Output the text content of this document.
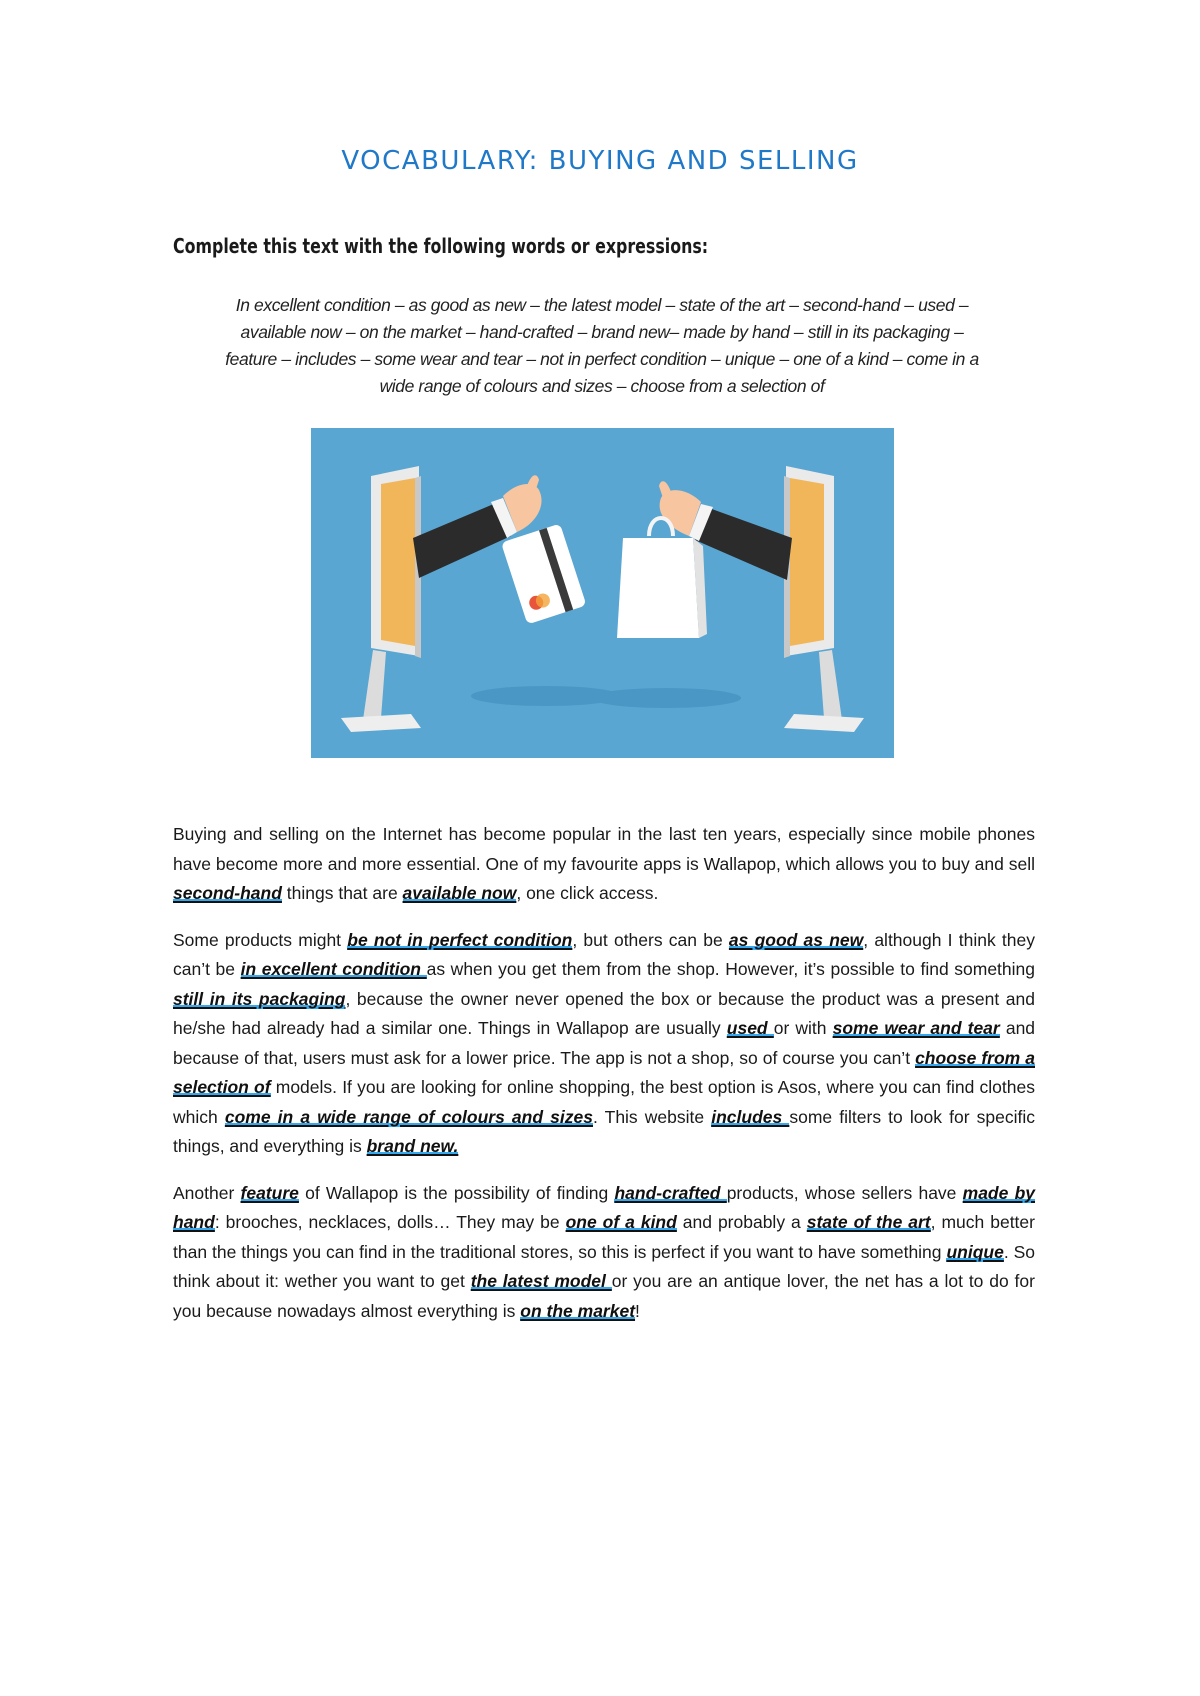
VOCABULARY: BUYING AND SELLING
Complete this text with the following words or expressions:
In excellent condition – as good as new – the latest model – state of the art – second-hand – used – available now – on the market – hand-crafted – brand new– made by hand – still in its packaging – feature – includes – some wear and tear – not in perfect condition – unique – one of a kind – come in a wide range of colours and sizes – choose from a selection of

Buying and selling on the Internet has become popular in the last ten years, especially since mobile phones have become more and more essential. One of my favourite apps is Wallapop, which allows you to buy and sell second-hand things that are available now, one click access.

Some products might be not in perfect condition, but others can be as good as new, although I think they can’t be in excellent condition as when you get them from the shop. However, it’s possible to find something still in its packaging, because the owner never opened the box or because the product was a present and he/she had already had a similar one. Things in Wallapop are usually used or with some wear and tear and because of that, users must ask for a lower price. The app is not a shop, so of course you can’t choose from a selection of models. If you are looking for online shopping, the best option is Asos, where you can find clothes which come in a wide range of colours and sizes. This website includes some filters to look for specific things, and everything is brand new.

Another feature of Wallapop is the possibility of finding hand-crafted products, whose sellers have made by hand: brooches, necklaces, dolls… They may be one of a kind and probably a state of the art, much better than the things you can find in the traditional stores, so this is perfect if you want to have something unique. So think about it: wether you want to get the latest model or you are an antique lover, the net has a lot to do for you because nowadays almost everything is on the market!
